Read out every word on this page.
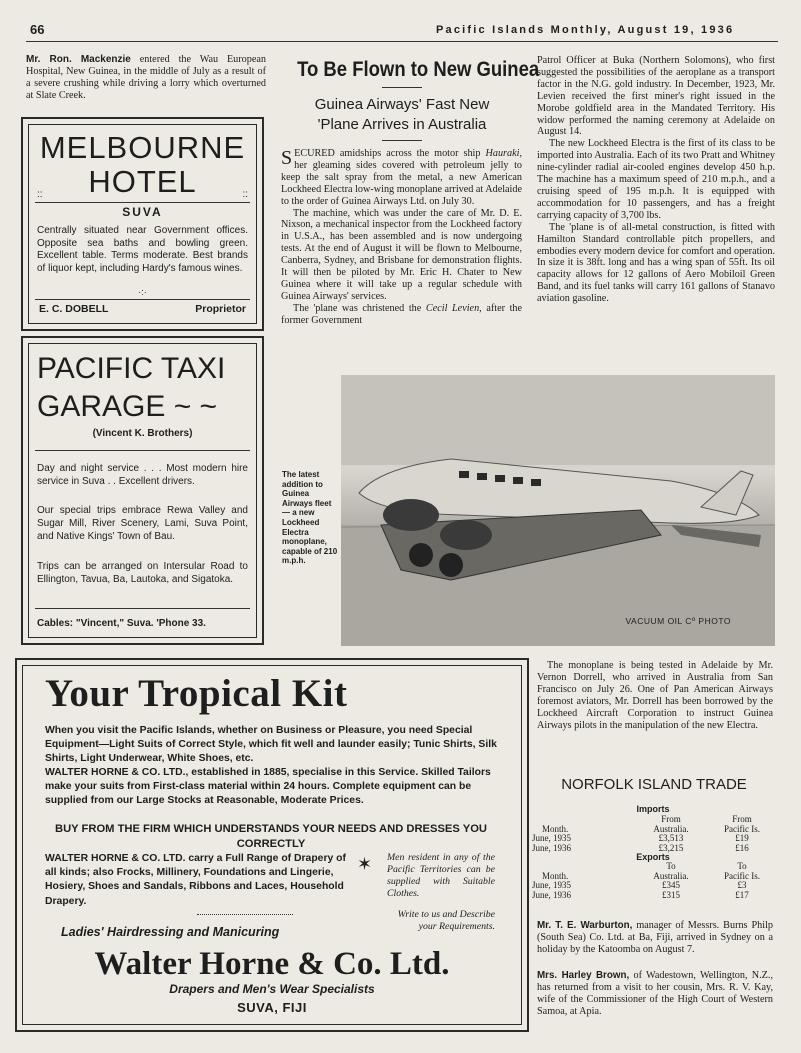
66	Pacific Islands Monthly, August 19, 1936
Mr. Ron. Mackenzie entered the Wau European Hospital, New Guinea, in the middle of July as a result of a severe crushing while driving a lorry which overturned at Slate Creek.
MELBOURNE
HOTEL
::	::
SUVA
Centrally situated near Government offices. Opposite sea baths and bowling green. Excellent table. Terms moderate. Best brands of liquor kept, including Hardy's famous wines.
·:·
E. C. DOBELL	Proprietor
PACIFIC TAXI
GARAGE ~ ~
(Vincent K. Brothers)
Day and night service . . . Most modern hire service in Suva . . Excellent drivers.
Our special trips embrace Rewa Valley and Sugar Mill, River Scenery, Lami, Suva Point, and Native Kings' Town of Bau.
Trips can be arranged on Intersular Road to Ellington, Tavua, Ba, Lautoka, and Sigatoka.
Cables: "Vincent," Suva. 'Phone 33.
To Be Flown to New Guinea
Guinea Airways' Fast New
'Plane Arrives in Australia

SECURED amidships across the motor ship Hauraki, her gleaming sides covered with petroleum jelly to keep the salt spray from the metal, a new American Lockheed Electra low-wing monoplane arrived at Adelaide to the order of Guinea Airways Ltd. on July 30.

The machine, which was under the care of Mr. D. E. Nixson, a mechanical inspector from the Lockheed factory in U.S.A., has been assembled and is now undergoing tests. At the end of August it will be flown to Melbourne, Canberra, Sydney, and Brisbane for demonstration flights. It will then be piloted by Mr. Eric H. Chater to New Guinea where it will take up a regular schedule with Guinea Airways' services.

The 'plane was christened the Cecil Levien, after the former Government

Patrol Officer at Buka (Northern Solomons), who first suggested the possibilities of the aeroplane as a transport factor in the N.G. gold industry. In December, 1923, Mr. Levien received the first miner's right issued in the Morobe goldfield area in the Mandated Territory. His widow performed the naming ceremony at Adelaide on August 14.

The new Lockheed Electra is the first of its class to be imported into Australia. Each of its two Pratt and Whitney nine-cylinder radial air-cooled engines develop 450 h.p. The machine has a maximum speed of 210 m.p.h., and a cruising speed of 195 m.p.h. It is equipped with accommodation for 10 passengers, and has a freight carrying capacity of 3,700 lbs.

The 'plane is of all-metal construction, is fitted with Hamilton Standard controllable pitch propellers, and embodies every modern device for comfort and operation. In size it is 38ft. long and has a wing span of 55ft. Its oil capacity allows for 12 gallons of Aero Mobiloil Green Band, and its fuel tanks will carry 161 gallons of Stanavo aviation gasoline.

The latest addition to Guinea Airways fleet — a new Lockheed Electra monoplane, capable of 210 m.p.h.
VACUUM OIL Cº PHOTO
The monoplane is being tested in Adelaide by Mr. Vernon Dorrell, who arrived in Australia from San Francisco on July 26. One of Pan American Airways foremost aviators, Mr. Dorrell has been borrowed by the Lockheed Aircraft Corporation to instruct Guinea Airways pilots in the manipulation of the new Electra.
NORFOLK ISLAND TRADE
Imports
	From	From
Month.	Australia.	Pacific Is.
June, 1935	£3,513	£19
June, 1936	£3,215	£16
Exports
	To	To
Month.	Australia.	Pacific Is.
June, 1935	£345	£3
June, 1936	£315	£17
Mr. T. E. Warburton, manager of Messrs. Burns Philp (South Sea) Co. Ltd. at Ba, Fiji, arrived in Sydney on a holiday by the Katoomba on August 7.
Mrs. Harley Brown, of Wadestown, Wellington, N.Z., has returned from a visit to her cousin, Mrs. R. V. Kay, wife of the Commissioner of the High Court of Western Samoa, at Apia.
Your Tropical Kit
When you visit the Pacific Islands, whether on Business or Pleasure, you need Special Equipment—Light Suits of Correct Style, which fit well and launder easily; Tunic Shirts, Silk Shirts, Light Underwear, White Shoes, etc.
WALTER HORNE & CO. LTD., established in 1885, specialise in this Service. Skilled Tailors make your suits from First-class material within 24 hours. Complete equipment can be supplied from our Large Stocks at Reasonable, Moderate Prices.
BUY FROM THE FIRM WHICH UNDERSTANDS YOUR NEEDS AND DRESSES YOU CORRECTLY
WALTER HORNE & CO. LTD. carry a Full Range of Drapery of all kinds; also Frocks, Millinery, Foundations and Lingerie, Hosiery, Shoes and Sandals, Ribbons and Laces, Household Drapery.
✶ Men resident in any of the Pacific Territories can be supplied with Suitable Clothes.
Write to us and Describe your Requirements.
Ladies' Hairdressing and Manicuring
Walter Horne & Co. Ltd.
Drapers and Men's Wear Specialists
SUVA, FIJI
